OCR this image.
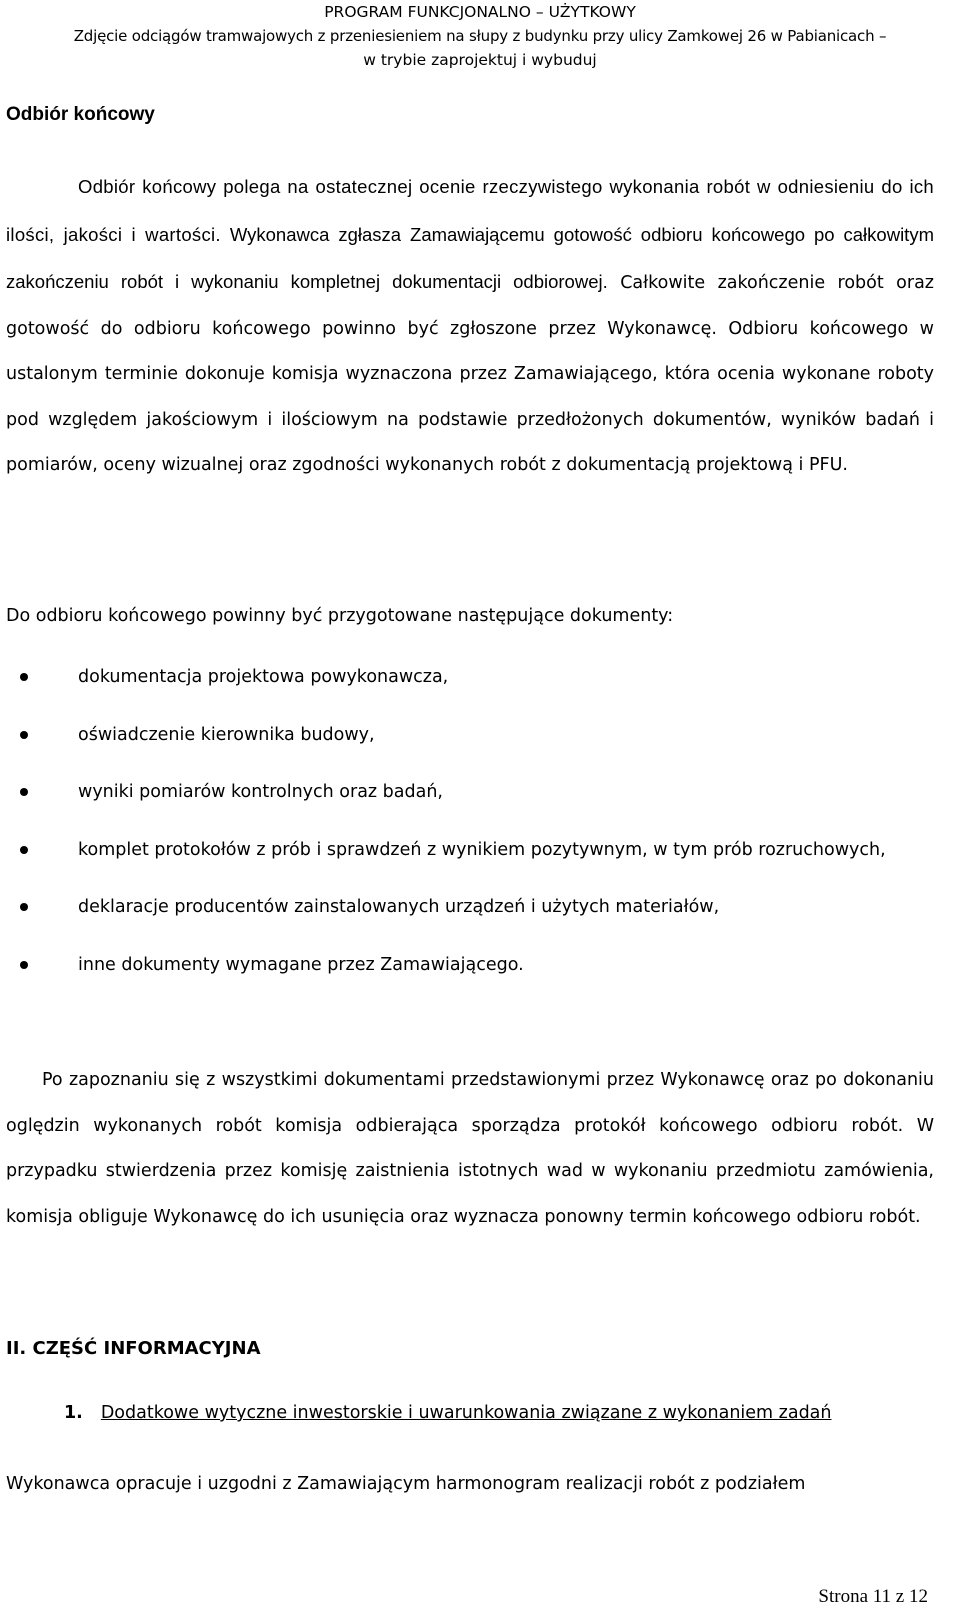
PROGRAM FUNKCJONALNO – UŻYTKOWY
Zdjęcie odciągów tramwajowych z przeniesieniem na słupy z budynku przy ulicy Zamkowej 26 w Pabianicach –
w trybie zaprojektuj i wybuduj
Odbiór końcowy
Odbiór końcowy polega na ostatecznej ocenie rzeczywistego wykonania robót w odniesieniu do ich ilości, jakości i wartości. Wykonawca zgłasza Zamawiającemu gotowość odbioru końcowego po całkowitym zakończeniu robót i wykonaniu kompletnej dokumentacji odbiorowej. Całkowite zakończenie robót oraz gotowość do odbioru końcowego powinno być zgłoszone przez Wykonawcę. Odbioru końcowego w ustalonym terminie dokonuje komisja wyznaczona przez Zamawiającego, która ocenia wykonane roboty pod względem jakościowym i ilościowym na podstawie przedłożonych dokumentów, wyników badań i pomiarów, oceny wizualnej oraz zgodności wykonanych robót z dokumentacją projektową i PFU.
Do odbioru końcowego powinny być przygotowane następujące dokumenty:
dokumentacja projektowa powykonawcza,
oświadczenie kierownika budowy,
wyniki pomiarów kontrolnych oraz badań,
komplet protokołów z prób i sprawdzeń z wynikiem pozytywnym, w tym prób rozruchowych,
deklaracje producentów zainstalowanych urządzeń i użytych materiałów,
inne dokumenty wymagane przez Zamawiającego.
Po zapoznaniu się z wszystkimi dokumentami przedstawionymi przez Wykonawcę oraz po dokonaniu oględzin wykonanych robót komisja odbierająca sporządza protokół końcowego odbioru robót. W przypadku stwierdzenia przez komisję zaistnienia istotnych wad w wykonaniu przedmiotu zamówienia, komisja obliguje Wykonawcę do ich usunięcia oraz wyznacza ponowny termin końcowego odbioru robót.
II. CZĘŚĆ INFORMACYJNA
1. Dodatkowe wytyczne inwestorskie i uwarunkowania związane z wykonaniem zadań
Wykonawca opracuje i uzgodni z Zamawiającym harmonogram realizacji robót z podziałem
Strona 11 z 12
